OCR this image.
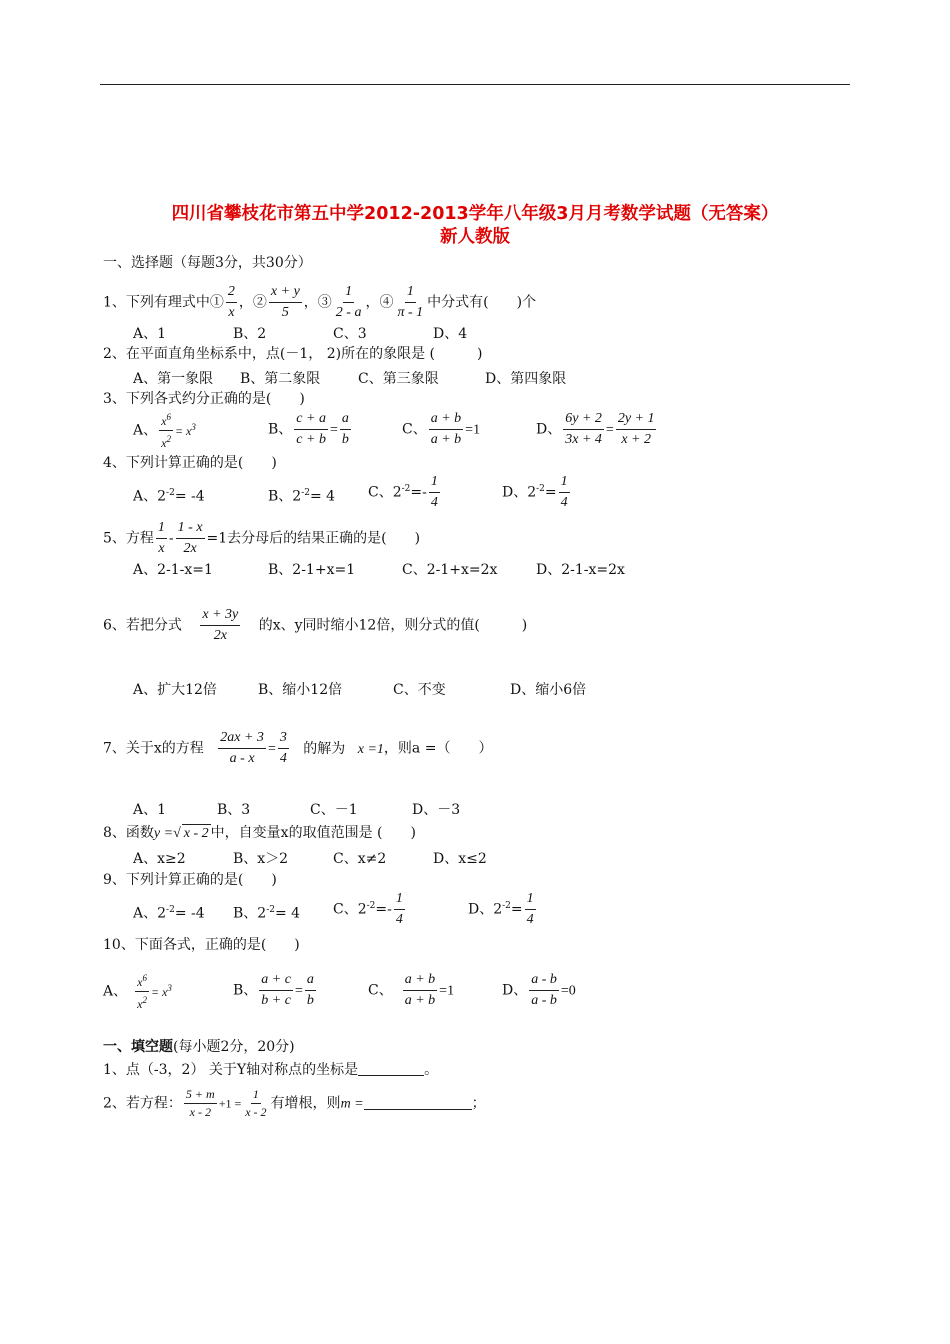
四川省攀枝花市第五中学2012-2013学年八年级3月月考数学试题（无答案）
新人教版
一、选择题（每题3分，共30分）
1、下列有理式中① $\frac{2}{x}$ ，② $\frac{x + y}{5}$ ，③ $\frac{1}{2 - a}$ ，④ $\frac{1}{\pi - 1}$ 中分式有(　　)个
A、1	B、2	C、3	D、4
2、在平面直角坐标系中，点(－1， 2)所在的象限是 (　　　)
A、第一象限 B、第二象限	C、第三象限	D、第四象限
3、下列各式约分正确的是(　　)
A、 $\frac{x^6}{x^2} = x^3$	B、 $\frac{c + a}{c + b} = \frac{a}{b}$	C、 $\frac{a + b}{a + b} =1$	D、 $\frac{6y + 2}{3x + 4} = \frac{2y + 1}{x + 2}$
4、下列计算正确的是(　　)
A、$2^{-2}= -4$	B、$2^{-2}= 4$ C、$2^{-2}=- \frac{1}{4}$	D、$2^{-2}= \frac{1}{4}$
5、方程 $\frac{1}{x} - \frac{1 - x}{2x} =1$去分母后的结果正确的是(　　)
A、2-1-x=1	B、2-1+x=1	C、2-1+x=2x	D、2-1-x=2x
6、若把分式 $\frac{x + 3y}{2x}$ 的x、y同时缩小12倍，则分式的值(　　　)
A、扩大12倍	B、缩小12倍	C、不变	D、缩小6倍
7、关于x的方程 $\frac{2ax + 3}{a - x} = \frac{3}{4}$ 的解为 x =1，则a =（　　）
A、1	B、3	C、－1	D、－3
8、函数y =√ x - 2 中，自变量x的取值范围是 (　　)
A、x≥2	B、x＞2	C、x≠2	D、x≤2
9、下列计算正确的是(　　)
A、$2^{-2}= -4$ B、$2^{-2}= 4$ C、$2^{-2}=- \frac{1}{4}$	D、$2^{-2}= \frac{1}{4}$
10、下面各式，正确的是(　　)
A、 $\frac{x^6}{x^2} = x^3$	B、 $\frac{a + c}{b + c} = \frac{a}{b}$	C、 $\frac{a + b}{a + b} =1$	D、 $\frac{a - b}{a - b} =0$
一、填空题(每小题2分，20分)
1、点（-3，2） 关于Y轴对称点的坐标是	。
2、若方程： $\frac{5 + m}{x - 2} +1 = \frac{1}{x - 2}$ 有增根，则m =	；
